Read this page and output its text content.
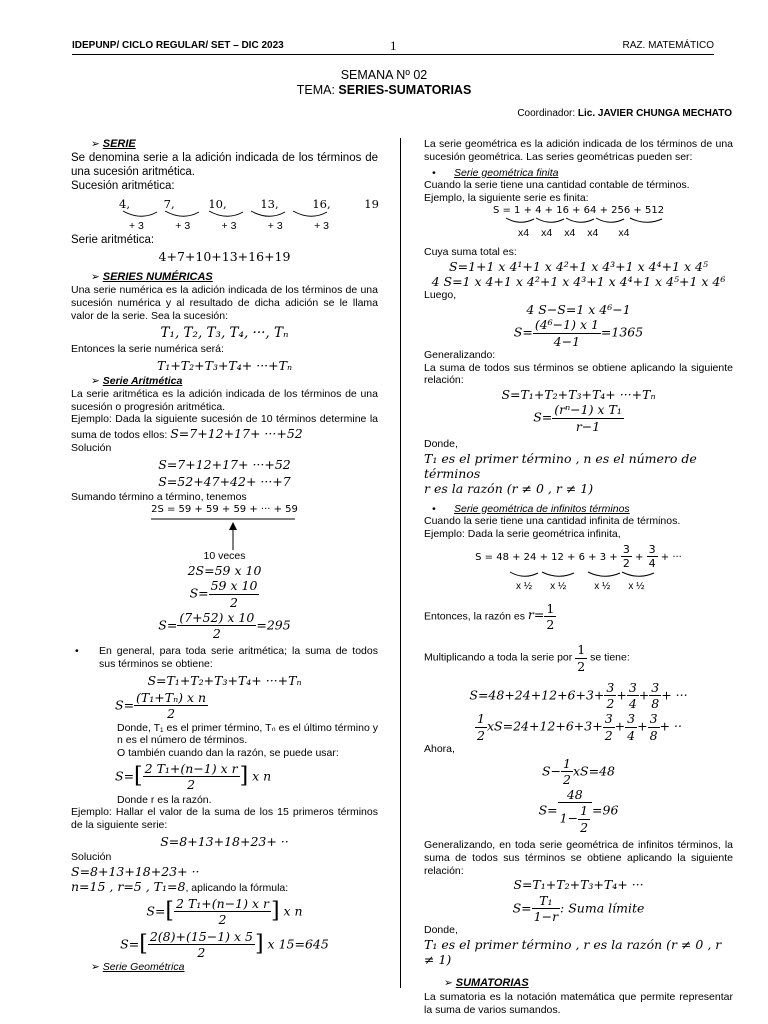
IDEPUNP/ CICLO REGULAR/ SET – DIC 2023	1	RAZ. MATEMÁTICO
SEMANA Nº 02
TEMA: SERIES-SUMATORIAS
Coordinador: Lic. JAVIER CHUNGA MECHATO
➢ SERIE

Se denomina serie a la adición indicada de los términos de una sucesión aritmética.

Sucesión aritmética:

4,	7,	10,	13,	16,	19
+ 3	+ 3	+ 3	+ 3	+ 3

Serie aritmética:

4+7+10+13+16+19
➢ SERIES NUMÉRICAS

Una serie numérica es la adición indicada de los términos de una sucesión numérica y al resultado de dicha adición se le llama valor de la serie. Sea la sucesión:

T₁, T₂, T₃, T₄, ···, Tₙ

Entonces la serie numérica será:

T₁+T₂+T₃+T₄+ ···+Tₙ
➢ Serie Aritmética

La serie aritmética es la adición indicada de los términos de una sucesión o progresión aritmética.

Ejemplo: Dada la siguiente sucesión de 10 términos determine la suma de todos ellos: S=7+12+17+ ···+52

Solución

S=7+12+17+ ···+52
S=52+47+42+ ···+7

Sumando término a término, tenemos

2S = 59 + 59 + 59 + ··· + 59
10 veces
2S=59 x 10
$S= \frac{59 x 10}{2}$
$S= \frac{(7+52) x 10}{2} =295$

• En general, para toda serie aritmética; la suma de todos sus términos se obtiene:

S=T₁+T₂+T₃+T₄+ ···+Tₙ
$S= \frac{\text{(T₁+Tₙ) x n}}{2}$

Donde, T₁ es el primer término, Tₙ es el último término y n es el número de términos.

O también cuando dan la razón, se puede usar:

$S=[ \frac{\text{2 T₁+(n−1) x r}}{2}$ ] x n

Donde r es la razón.

Ejemplo: Hallar el valor de la suma de los 15 primeros términos de la siguiente serie:

S=8+13+18+23+ ··

Solución

S=8+13+18+23+ ··
n=15 , r=5 , T₁=8, aplicando la fórmula:
$S=[ \frac{\text{2 T₁+(n−1) x r}}{2}$ ] x n
$S=[ \frac{2(8)+(15-1) x 5}{2}$ ] x 15=645
➢ Serie Geométrica

La serie geométrica es la adición indicada de los términos de una sucesión geométrica. Las series geométricas pueden ser:

• Serie geométrica finita

Cuando la serie tiene una cantidad contable de términos.

Ejemplo, la siguiente serie es finita:

S = 1 + 4 + 16 + 64 + 256 + 512
x4 x4 x4 x4 x4

Cuya suma total es:

S=1+1 x 4¹+1 x 4²+1 x 4³+1 x 4⁴+1 x 4⁵
4 S=1 x 4+1 x 4²+1 x 4³+1 x 4⁴+1 x 4⁵+1 x 4⁶

Luego,

4 S−S=1 x 4⁶−1
$S= \frac{\text{(4⁶−1) x 1}}{4-1} =1365$

Generalizando:

La suma de todos sus términos se obtiene aplicando la siguiente relación:

S=T₁+T₂+T₃+T₄+ ···+Tₙ
$S= \frac{\text{(rⁿ−1) x T₁}}{r-1}$

Donde,

T₁ es el primer término , n es el número de términos
r es la razón (r ≠ 0 , r ≠ 1)

• Serie geométrica de infinitos términos

Cuando la serie tiene una cantidad infinita de términos.

Ejemplo: Dada la serie geométrica infinita,

$S = 48 + 24 + 12 + 6 + 3 + \frac{3}{2} + \frac{3}{4}$ + ···
x ½ x ½	x ½ x ½
Entonces, la razón es $r= \frac{1}{2}$
Multiplicando a toda la serie por $\frac{1}{2}$ se tiene:
$S=48+24+12+6+3+ \frac{3}{2} + \frac{3}{4} + \frac{3}{8}$ + ···
$\frac{1}{2} xS=24+12+6+3+ \frac{3}{2} + \frac{3}{4} + \frac{3}{8}$ + ··

Ahora,

$S- \frac{1}{2} xS=48$
$S= \frac{48}{1- \frac{1}{2}} =96$

Generalizando, en toda serie geométrica de infinitos términos, la suma de todos sus términos se obtiene aplicando la siguiente relación:

S=T₁+T₂+T₃+T₄+ ···
$S= \frac{\text{T₁}}{1-r}$ : Suma límite

Donde,

T₁ es el primer término , r es la razón (r ≠ 0 , r ≠ 1)
➢ SUMATORIAS

La sumatoria es la notación matemática que permite representar la suma de varios sumandos.
